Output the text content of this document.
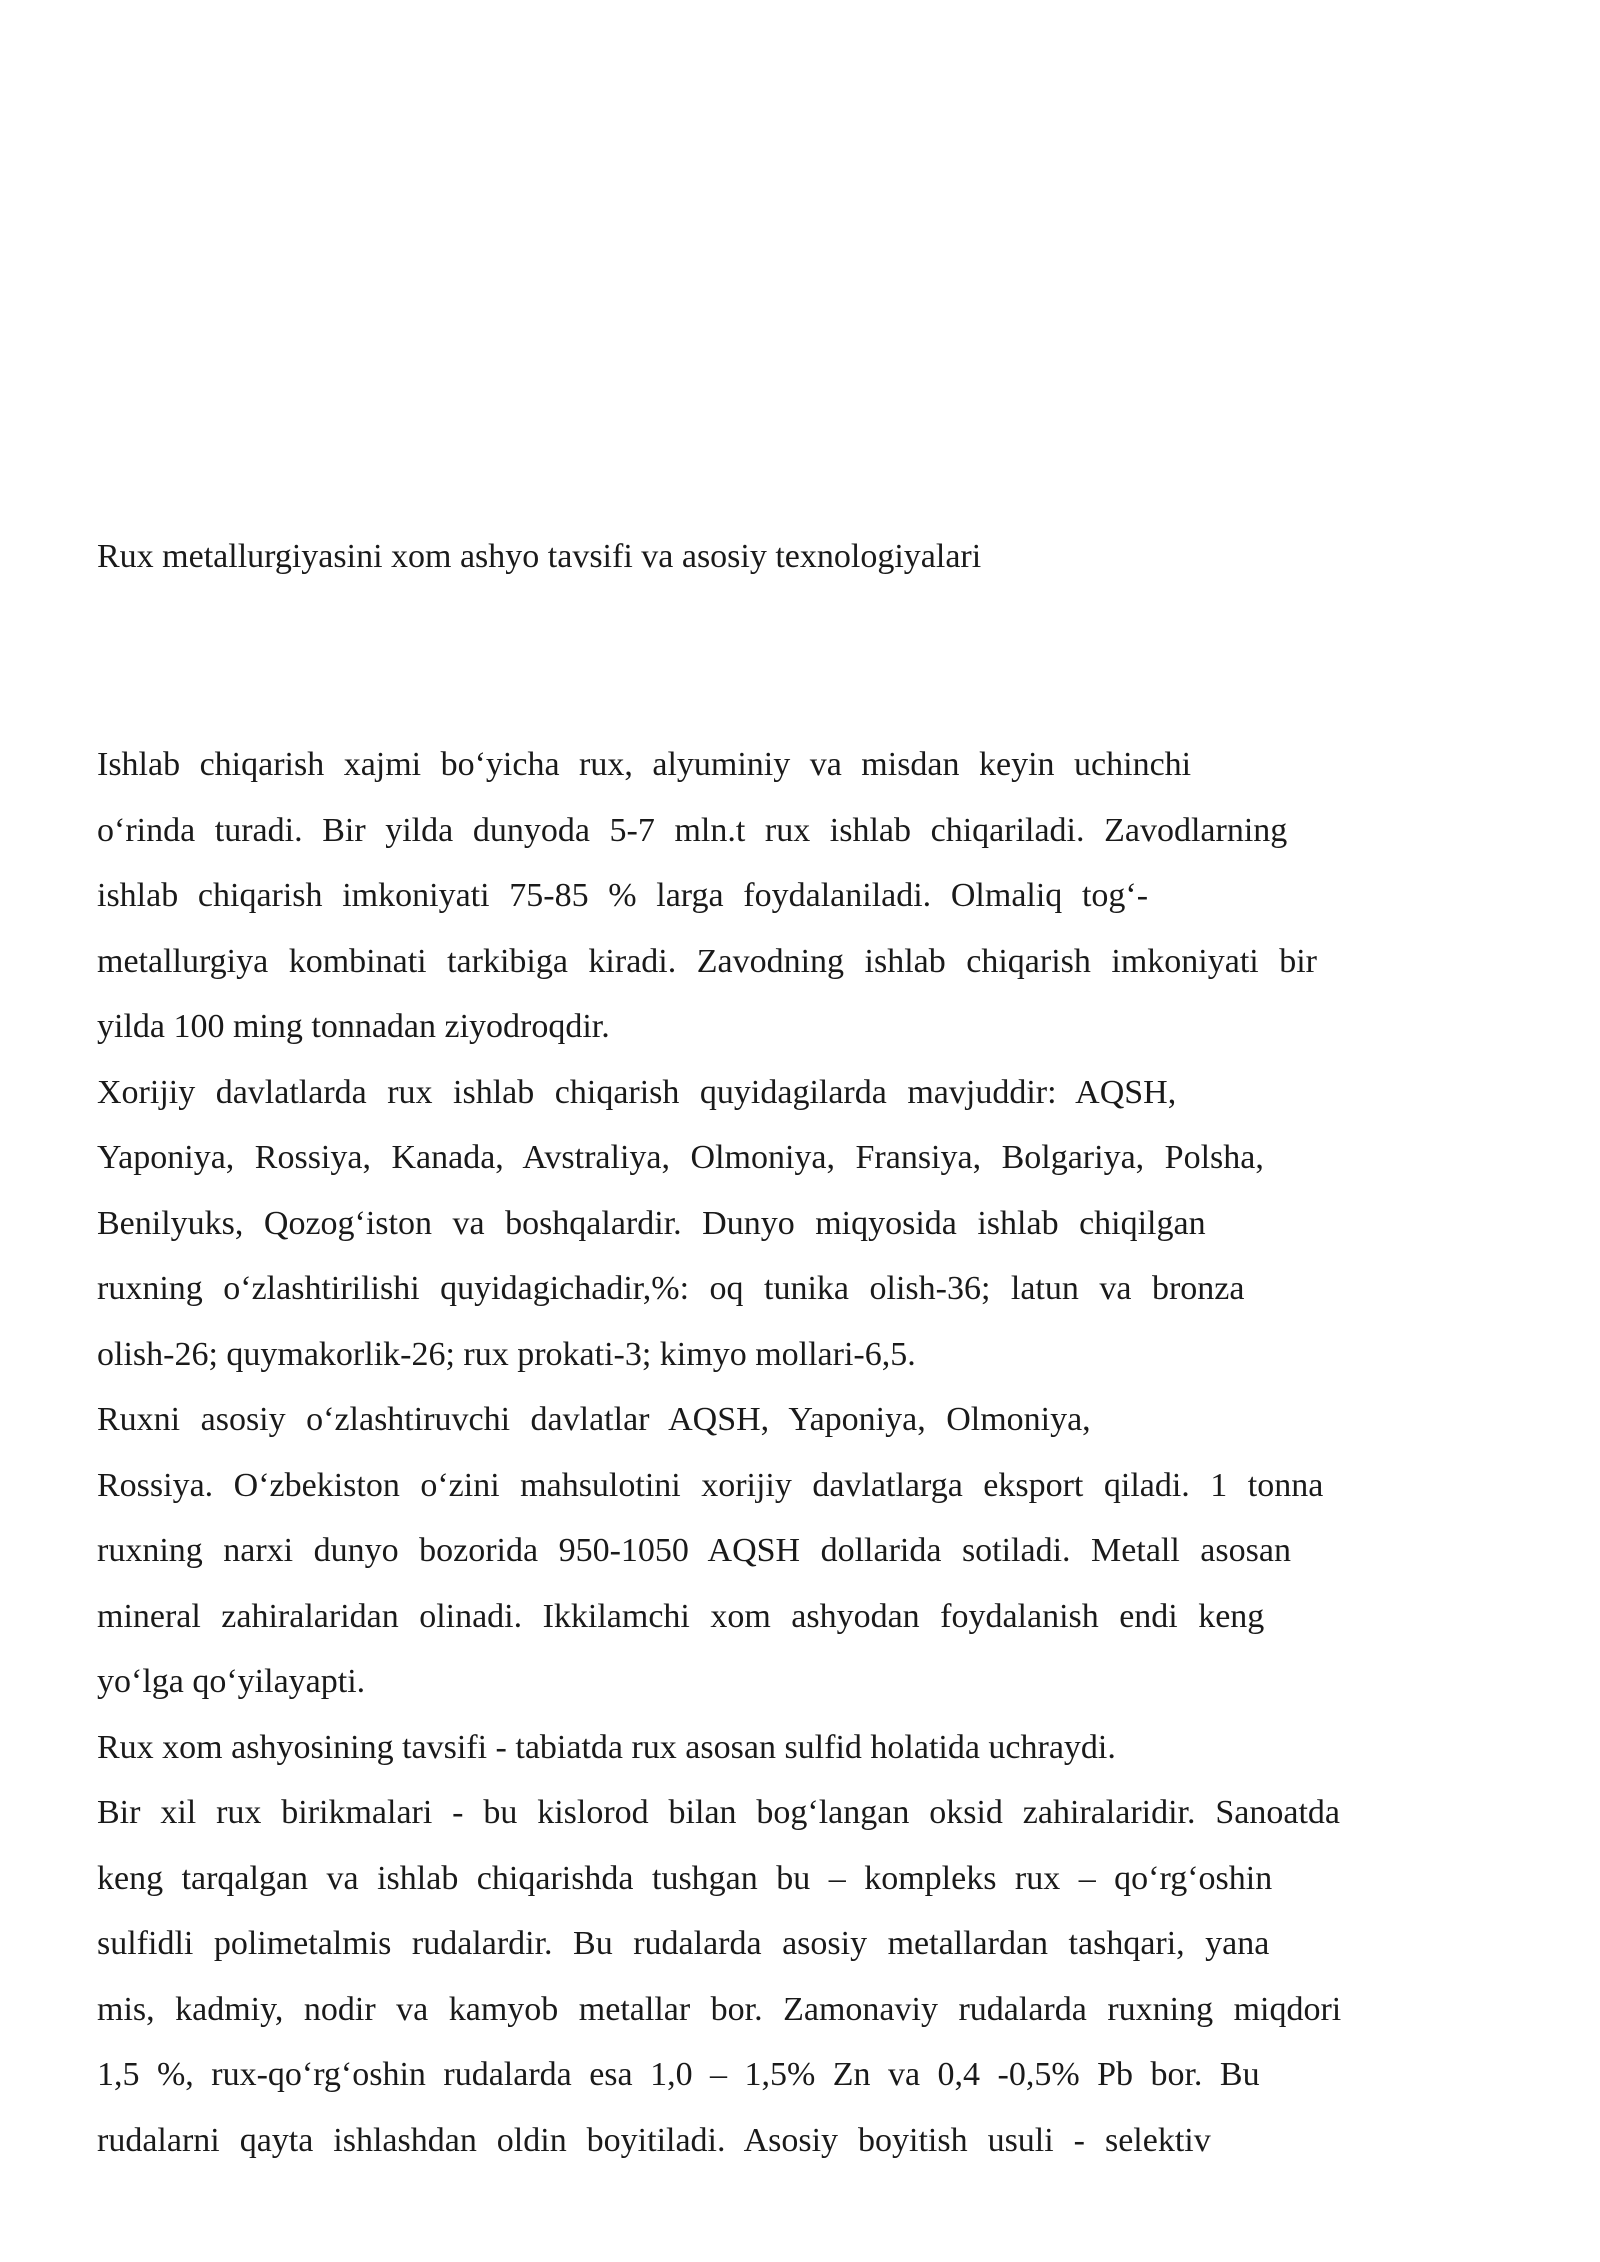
Rux metallurgiyasini xom ashyo tavsifi va asosiy texnologiyalari
Ishlab chiqarish xajmi bo‘yicha rux, alyuminiy va misdan keyin uchinchi
o‘rinda turadi. Bir yilda dunyoda 5-7 mln.t rux ishlab chiqariladi. Zavodlarning
ishlab chiqarish imkoniyati 75-85 % larga foydalaniladi. Olmaliq tog‘-
metallurgiya kombinati tarkibiga kiradi. Zavodning ishlab chiqarish imkoniyati bir
yilda 100 ming tonnadan ziyodroqdir.
Xorijiy davlatlarda rux ishlab chiqarish quyidagilarda mavjuddir: AQSH,
Yaponiya, Rossiya, Kanada, Avstraliya, Olmoniya, Fransiya, Bolgariya, Polsha,
Benilyuks, Qozog‘iston va boshqalardir. Dunyo miqyosida ishlab chiqilgan
ruxning o‘zlashtirilishi quyidagichadir,%: oq tunika olish-36; latun va bronza
olish-26; quymakorlik-26; rux prokati-3; kimyo mollari-6,5.
Ruxni asosiy o‘zlashtiruvchi davlatlar AQSH, Yaponiya, Olmoniya,
Rossiya. O‘zbekiston o‘zini mahsulotini xorijiy davlatlarga eksport qiladi. 1 tonna
ruxning narxi dunyo bozorida 950-1050 AQSH dollarida sotiladi. Metall asosan
mineral zahiralaridan olinadi. Ikkilamchi xom ashyodan foydalanish endi keng
yo‘lga qo‘yilayapti.
Rux xom ashyosining tavsifi - tabiatda rux asosan sulfid holatida uchraydi.
Bir xil rux birikmalari - bu kislorod bilan bog‘langan oksid zahiralaridir. Sanoatda
keng tarqalgan va ishlab chiqarishda tushgan bu – kompleks rux – qo‘rg‘oshin
sulfidli polimetalmis rudalardir. Bu rudalarda asosiy metallardan tashqari, yana
mis, kadmiy, nodir va kamyob metallar bor. Zamonaviy rudalarda ruxning miqdori
1,5 %, rux-qo‘rg‘oshin rudalarda esa 1,0 – 1,5% Zn va 0,4 -0,5% Pb bor. Bu
rudalarni qayta ishlashdan oldin boyitiladi. Asosiy boyitish usuli - selektiv
